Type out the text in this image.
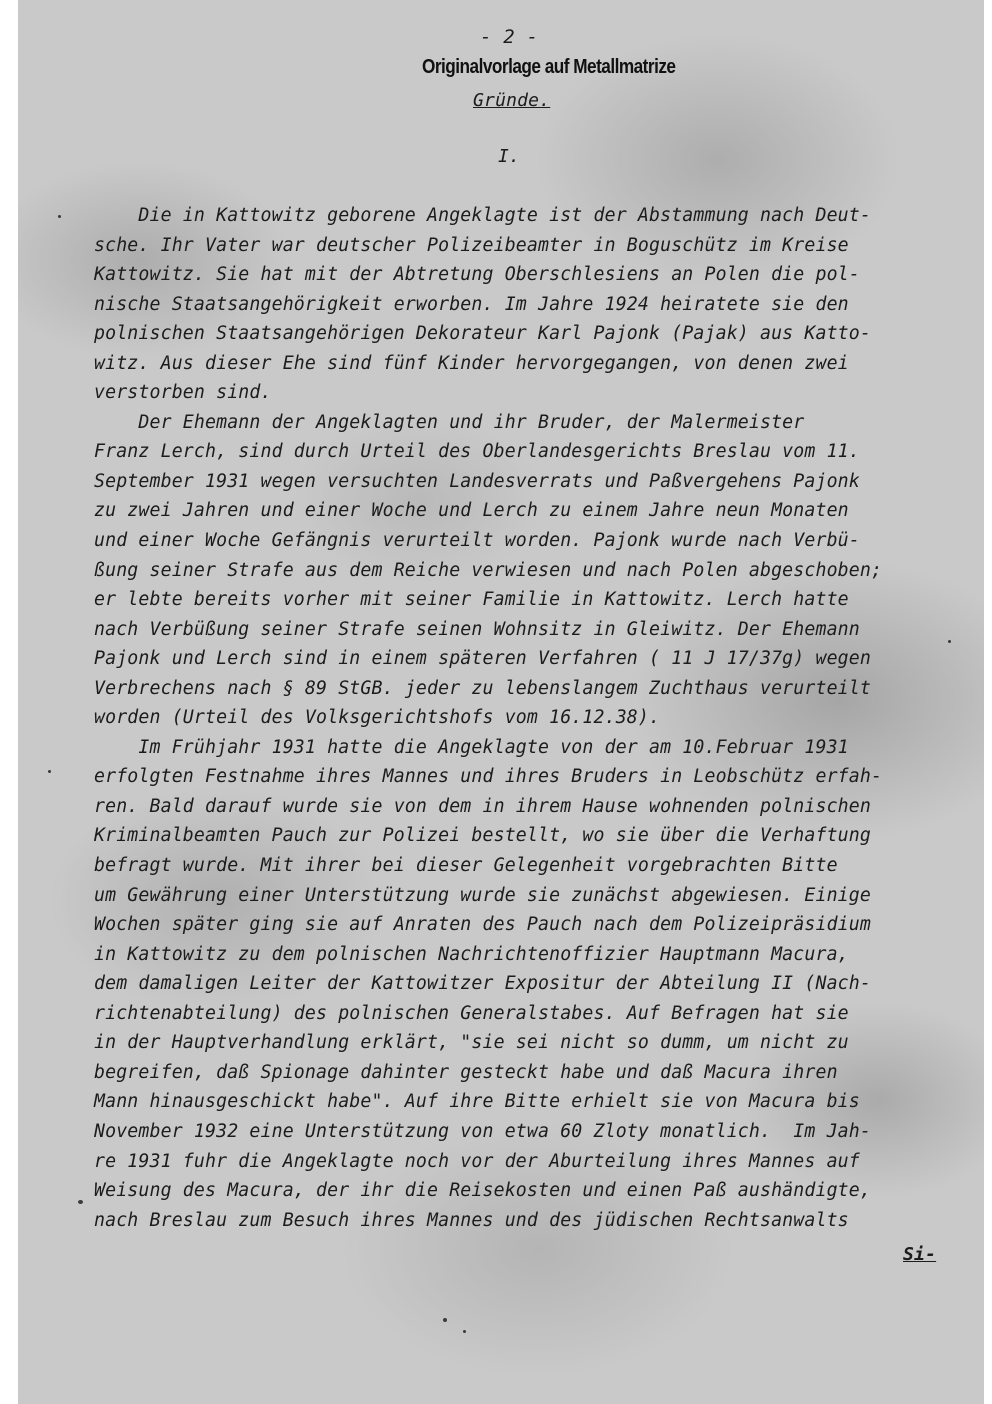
- 2 -
Originalvorlage auf Metallmatrize
Gründe.
I.
Die in Kattowitz geborene Angeklagte ist der Abstammung nach Deut-
sche. Ihr Vater war deutscher Polizeibeamter in Boguschütz im Kreise
Kattowitz. Sie hat mit der Abtretung Oberschlesiens an Polen die pol-
nische Staatsangehörigkeit erworben. Im Jahre 1924 heiratete sie den
polnischen Staatsangehörigen Dekorateur Karl Pajonk (Pajak) aus Katto-
witz. Aus dieser Ehe sind fünf Kinder hervorgegangen, von denen zwei
verstorben sind.
Der Ehemann der Angeklagten und ihr Bruder, der Malermeister
Franz Lerch, sind durch Urteil des Oberlandesgerichts Breslau vom 11.
September 1931 wegen versuchten Landesverrats und Paßvergehens Pajonk
zu zwei Jahren und einer Woche und Lerch zu einem Jahre neun Monaten
und einer Woche Gefängnis verurteilt worden. Pajonk wurde nach Verbü-
ßung seiner Strafe aus dem Reiche verwiesen und nach Polen abgeschoben;
er lebte bereits vorher mit seiner Familie in Kattowitz. Lerch hatte
nach Verbüßung seiner Strafe seinen Wohnsitz in Gleiwitz. Der Ehemann
Pajonk und Lerch sind in einem späteren Verfahren ( 11 J 17/37g) wegen
Verbrechens nach § 89 StGB. jeder zu lebenslangem Zuchthaus verurteilt
worden (Urteil des Volksgerichtshofs vom 16.12.38).
Im Frühjahr 1931 hatte die Angeklagte von der am 10.Februar 1931
erfolgten Festnahme ihres Mannes und ihres Bruders in Leobschütz erfah-
ren. Bald darauf wurde sie von dem in ihrem Hause wohnenden polnischen
Kriminalbeamten Pauch zur Polizei bestellt, wo sie über die Verhaftung
befragt wurde. Mit ihrer bei dieser Gelegenheit vorgebrachten Bitte
um Gewährung einer Unterstützung wurde sie zunächst abgewiesen. Einige
Wochen später ging sie auf Anraten des Pauch nach dem Polizeipräsidium
in Kattowitz zu dem polnischen Nachrichtenoffizier Hauptmann Macura,
dem damaligen Leiter der Kattowitzer Expositur der Abteilung II (Nach-
richtenabteilung) des polnischen Generalstabes. Auf Befragen hat sie
in der Hauptverhandlung erklärt, "sie sei nicht so dumm, um nicht zu
begreifen, daß Spionage dahinter gesteckt habe und daß Macura ihren
Mann hinausgeschickt habe". Auf ihre Bitte erhielt sie von Macura bis
November 1932 eine Unterstützung von etwa 60 Zloty monatlich.  Im Jah-
re 1931 fuhr die Angeklagte noch vor der Aburteilung ihres Mannes auf
Weisung des Macura, der ihr die Reisekosten und einen Paß aushändigte,
nach Breslau zum Besuch ihres Mannes und des jüdischen Rechtsanwalts
Si-
